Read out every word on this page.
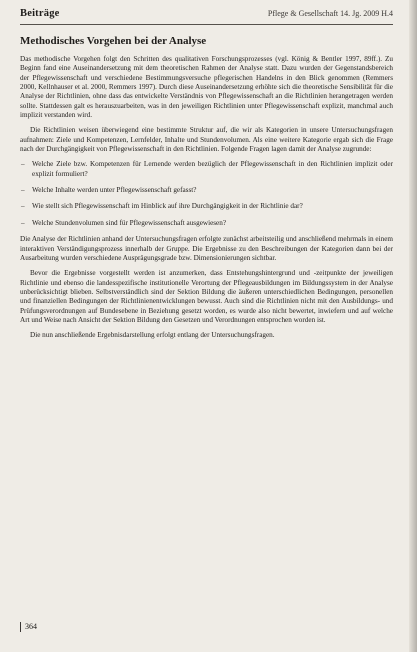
Beiträge	Pflege & Gesellschaft 14. Jg. 2009 H.4
Methodisches Vorgehen bei der Analyse

Das methodische Vorgehen folgt den Schritten des qualitativen Forschungsprozesses (vgl. König & Bentler 1997, 89ff.). Zu Beginn fand eine Auseinandersetzung mit dem theoretischen Rahmen der Analyse statt. Dazu wurden der Gegenstandsbereich der Pflegewissenschaft und verschiedene Bestimmungsversuche pflegerischen Handelns in den Blick genommen (Remmers 2000, Kellnhauser et al. 2000, Remmers 1997). Durch diese Auseinandersetzung erhöhte sich die theoretische Sensibilität für die Analyse der Richtlinien, ohne dass das entwickelte Verständnis von Pflegewissenschaft an die Richtlinien herangetragen werden sollte. Stattdessen galt es herauszuarbeiten, was in den jeweiligen Richtlinien unter Pflegewissenschaft explizit, manchmal auch implizit verstanden wird.

Die Richtlinien weisen überwiegend eine bestimmte Struktur auf, die wir als Kategorien in unsere Untersuchungsfragen aufnahmen: Ziele und Kompetenzen, Lernfelder, Inhalte und Stundenvolumen. Als eine weitere Kategorie ergab sich die Frage nach der Durchgängigkeit von Pflegewissenschaft in den Richtlinien. Folgende Fragen lagen damit der Analyse zugrunde:

– Welche Ziele bzw. Kompetenzen für Lernende werden bezüglich der Pflegewissenschaft in den Richtlinien implizit oder explizit formuliert?
– Welche Inhalte werden unter Pflegewissenschaft gefasst?
– Wie stellt sich Pflegewissenschaft im Hinblick auf ihre Durchgängigkeit in der Richtlinie dar?
– Welche Stundenvolumen sind für Pflegewissenschaft ausgewiesen?

Die Analyse der Richtlinien anhand der Untersuchungsfragen erfolgte zunächst arbeitsteilig und anschließend mehrmals in einem interaktiven Verständigungsprozess innerhalb der Gruppe. Die Ergebnisse zu den Beschreibungen der Kategorien dann bei der Ausarbeitung wurden verschiedene Ausprägungsgrade bzw. Dimensionierungen sichtbar.

Bevor die Ergebnisse vorgestellt werden ist anzumerken, dass Entstehungshintergrund und -zeitpunkte der jeweiligen Richtlinie und ebenso die landesspezifische institutionelle Verortung der Pflegeausbildungen im Bildungssystem in der Analyse unberücksichtigt blieben. Selbstverständlich sind der Sektion Bildung die äußeren unterschiedlichen Bedingungen, personellen und finanziellen Bedingungen der Richtlinienentwicklungen bewusst. Auch sind die Richtlinien nicht mit den Ausbildungs- und Prüfungsverordnungen auf Bundesebene in Beziehung gesetzt worden, es wurde also nicht bewertet, inwiefern und auf welche Art und Weise nach Ansicht der Sektion Bildung den Gesetzen und Verordnungen entsprochen worden ist.

Die nun anschließende Ergebnisdarstellung erfolgt entlang der Untersuchungsfragen.

364
